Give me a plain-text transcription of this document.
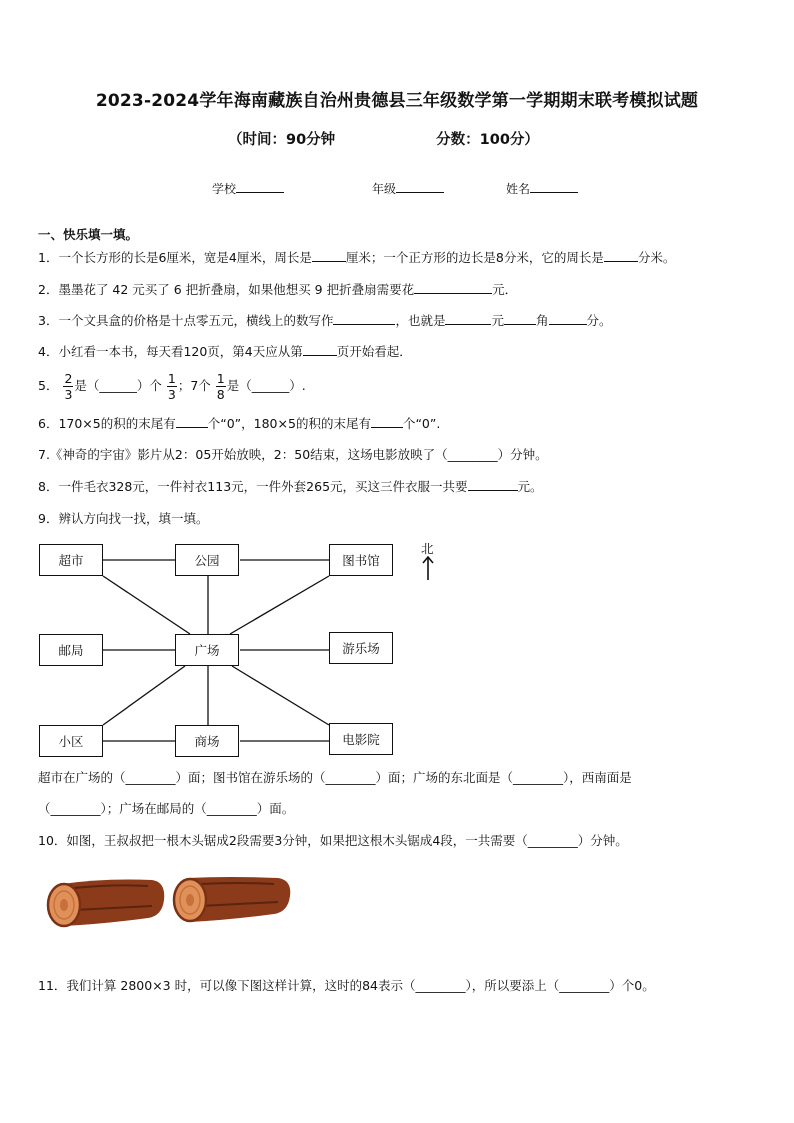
2023-2024学年海南藏族自治州贵德县三年级数学第一学期期末联考模拟试题
（时间：90分钟	分数：100分）
学校	年级	姓名
一、快乐填一填。
1．一个长方形的长是6厘米，宽是4厘米，周长是	厘米；一个正方形的边长是8分米，它的周长是	分米。
2．墨墨花了 42 元买了 6 把折叠扇，如果他想买 9 把折叠扇需要花	元．
3．一个文具盒的价格是十点零五元，横线上的数写作	，也就是	元	角	分。
4．小红看一本书，每天看120页，第4天应从第	页开始看起．
5． $\frac{2}{3}$ 是（______）个 $\frac{1}{3}$ ；7个 $\frac{1}{8}$ 是（______）.
6．170×5的积的末尾有	个“0”，180×5的积的末尾有	个“0”.
7.《神奇的宇宙》影片从2：05开始放映，2：50结束，这场电影放映了（________）分钟。
8．一件毛衣328元，一件衬衣113元，一件外套265元，买这三件衣服一共要	元。
9．辨认方向找一找，填一填。
超市	公园	图书馆
邮局	广场	游乐场
小区	商场	电影院
北
超市在广场的（________）面；图书馆在游乐场的（________）面；广场的东北面是（________），西南面是
（________）；广场在邮局的（________）面。
10．如图，王叔叔把一根木头锯成2段需要3分钟，如果把这根木头锯成4段，一共需要（________）分钟。
11．我们计算 2800×3 时，可以像下图这样计算，这时的84表示（________），所以要添上（________）个0。
